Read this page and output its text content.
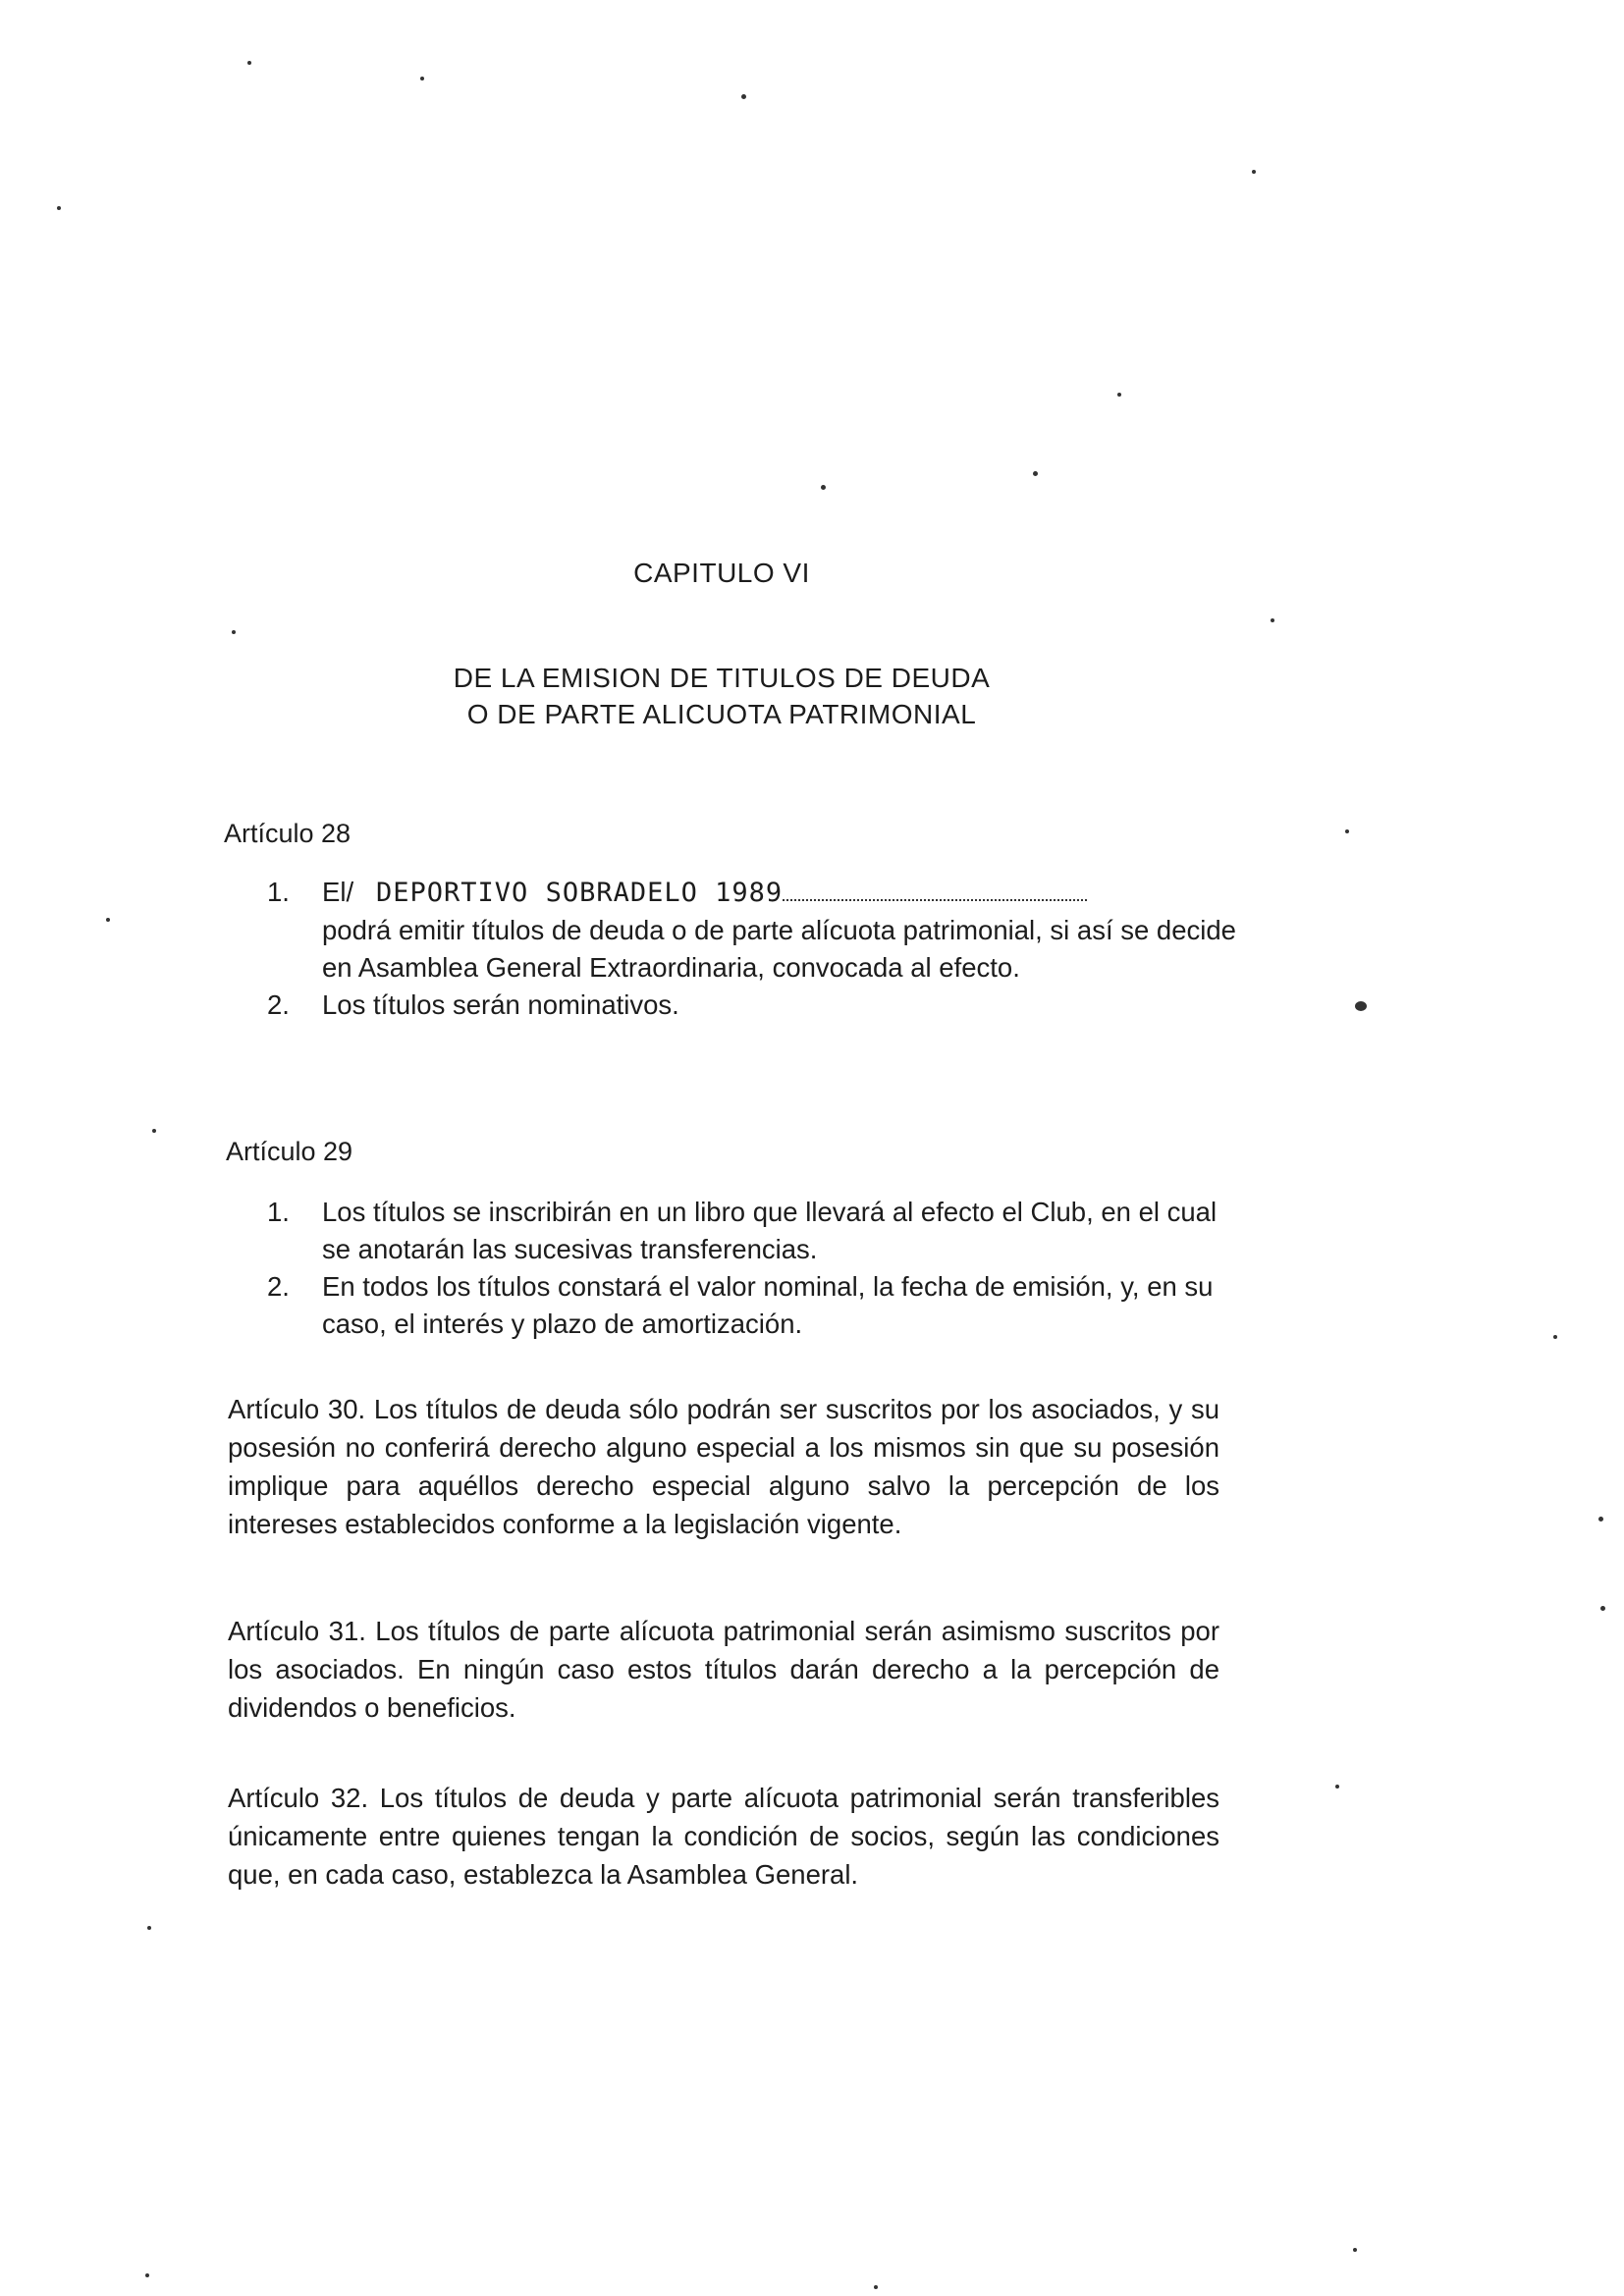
CAPITULO VI
DE LA EMISION DE TITULOS DE DEUDA
O DE PARTE ALICUOTA PATRIMONIAL
Artículo 28
1. El/ DEPORTIVO SOBRADELO 1989
podrá emitir títulos de deuda o de parte alícuota patrimonial, si así se decide en Asamblea General Extraordinaria, convocada al efecto.
2. Los títulos serán nominativos.
Artículo 29
1. Los títulos se inscribirán en un libro que llevará al efecto el Club, en el cual se anotarán las sucesivas transferencias.
2. En todos los títulos constará el valor nominal, la fecha de emisión, y, en su caso, el interés y plazo de amortización.
Artículo 30. Los títulos de deuda sólo podrán ser suscritos por los asociados, y su posesión no conferirá derecho alguno especial a los mismos sin que su posesión implique para aquéllos derecho especial alguno salvo la percepción de los intereses establecidos conforme a la legislación vigente.
Artículo 31. Los títulos de parte alícuota patrimonial serán asimismo suscritos por los asociados. En ningún caso estos títulos darán derecho a la percepción de dividendos o beneficios.
Artículo 32. Los títulos de deuda y parte alícuota patrimonial serán transferibles únicamente entre quienes tengan la condición de socios, según las condiciones que, en cada caso, establezca la Asamblea General.
